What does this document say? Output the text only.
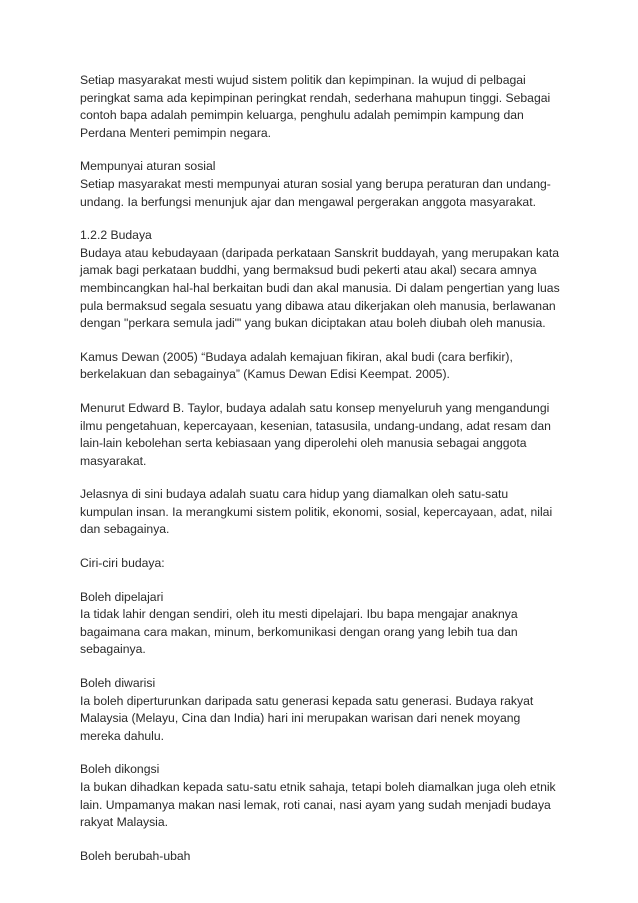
Setiap masyarakat mesti wujud sistem politik dan kepimpinan. Ia wujud di pelbagai
peringkat sama ada kepimpinan peringkat rendah, sederhana mahupun tinggi. Sebagai
contoh bapa adalah pemimpin keluarga, penghulu adalah pemimpin kampung dan
Perdana Menteri pemimpin negara.
Mempunyai aturan sosial
Setiap masyarakat mesti mempunyai aturan sosial yang berupa peraturan dan undang-
undang. Ia berfungsi menunjuk ajar dan mengawal pergerakan anggota masyarakat.
1.2.2 Budaya
Budaya atau kebudayaan (daripada perkataan Sanskrit buddayah, yang merupakan kata
jamak bagi perkataan buddhi, yang bermaksud budi pekerti atau akal) secara amnya
membincangkan hal-hal berkaitan budi dan akal manusia. Di dalam pengertian yang luas
pula bermaksud segala sesuatu yang dibawa atau dikerjakan oleh manusia, berlawanan
dengan "perkara semula jadi"' yang bukan diciptakan atau boleh diubah oleh manusia.
Kamus Dewan (2005) “Budaya adalah kemajuan fikiran, akal budi (cara berfikir),
berkelakuan dan sebagainya” (Kamus Dewan Edisi Keempat. 2005).
Menurut Edward B. Taylor, budaya adalah satu konsep menyeluruh yang mengandungi
ilmu pengetahuan, kepercayaan, kesenian, tatasusila, undang-undang, adat resam dan
lain-lain kebolehan serta kebiasaan yang diperolehi oleh manusia sebagai anggota
masyarakat.
Jelasnya di sini budaya adalah suatu cara hidup yang diamalkan oleh satu-satu
kumpulan insan. Ia merangkumi sistem politik, ekonomi, sosial, kepercayaan, adat, nilai
dan sebagainya.
Ciri-ciri budaya:
Boleh dipelajari
Ia tidak lahir dengan sendiri, oleh itu mesti dipelajari. Ibu bapa mengajar anaknya
bagaimana cara makan, minum, berkomunikasi dengan orang yang lebih tua dan
sebagainya.
Boleh diwarisi
Ia boleh diperturunkan daripada satu generasi kepada satu generasi. Budaya rakyat
Malaysia (Melayu, Cina dan India) hari ini merupakan warisan dari nenek moyang
mereka dahulu.
Boleh dikongsi
Ia bukan dihadkan kepada satu-satu etnik sahaja, tetapi boleh diamalkan juga oleh etnik
lain. Umpamanya makan nasi lemak, roti canai, nasi ayam yang sudah menjadi budaya
rakyat Malaysia.
Boleh berubah-ubah
